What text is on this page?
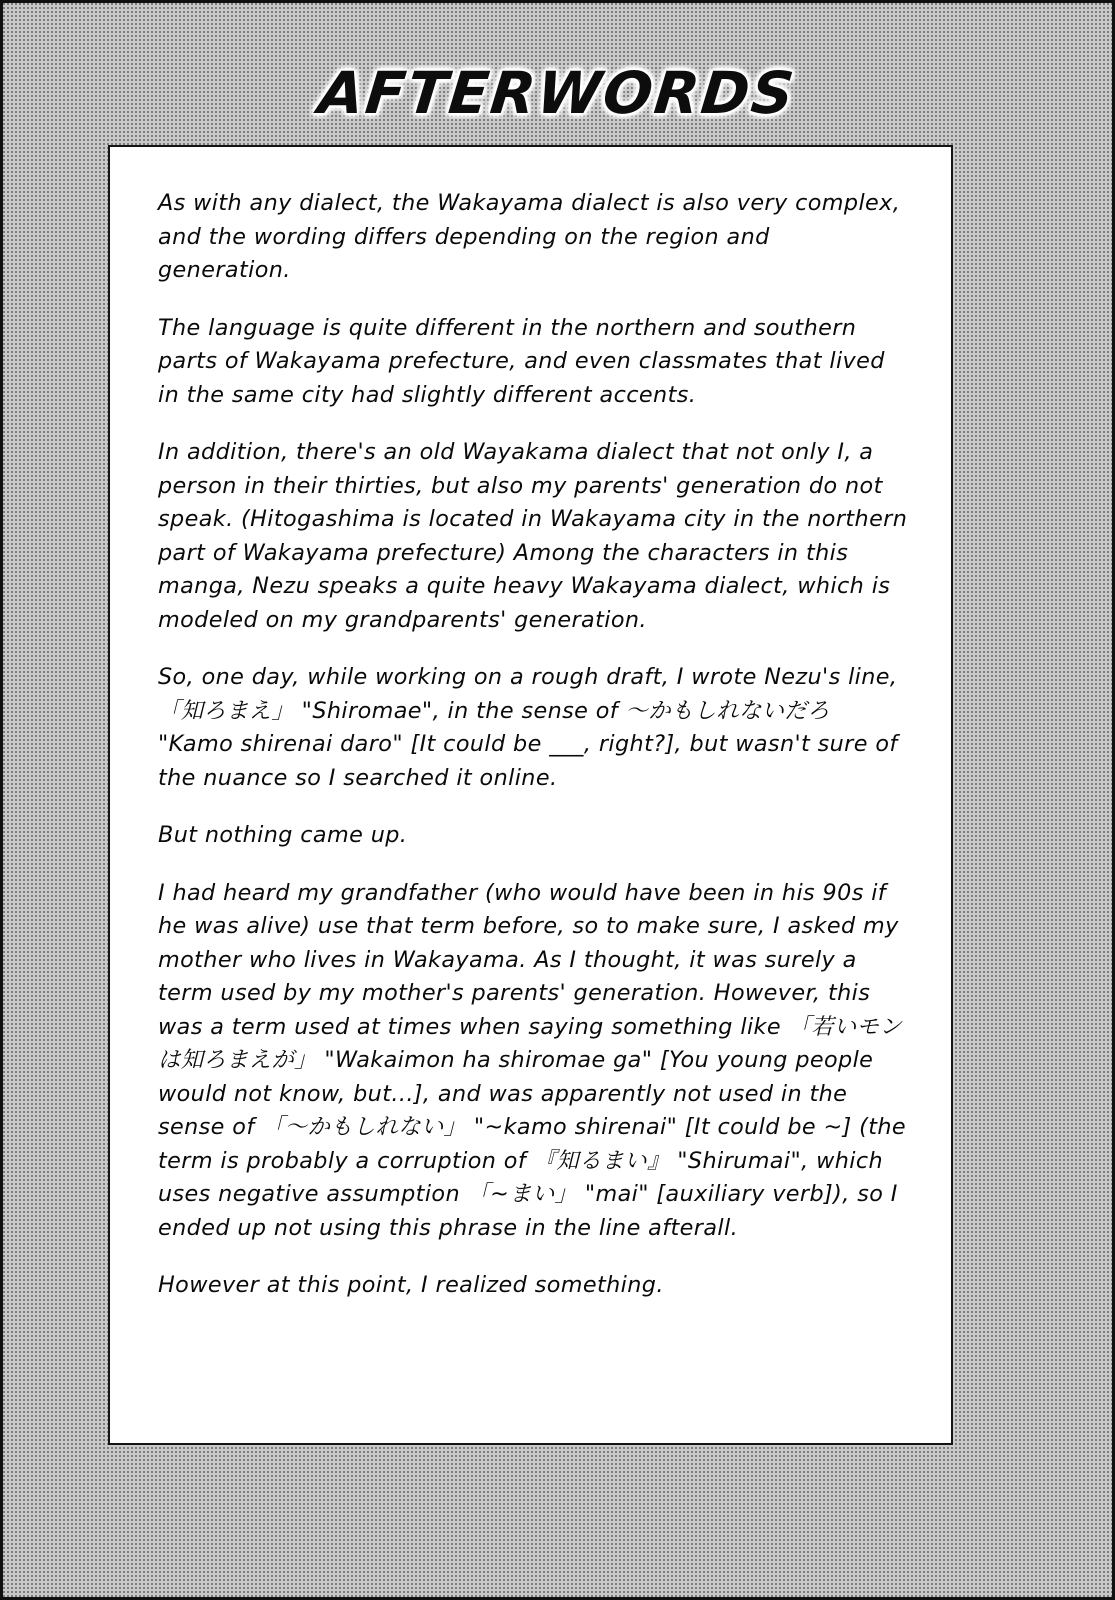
AFTERWORDS

As with any dialect, the Wakayama dialect is also very complex, and the wording differs depending on the region and generation.

The language is quite different in the northern and southern parts of Wakayama prefecture, and even classmates that lived in the same city had slightly different accents.

In addition, there's an old Wayakama dialect that not only I, a person in their thirties, but also my parents' generation do not speak. (Hitogashima is located in Wakayama city in the northern part of Wakayama prefecture) Among the characters in this manga, Nezu speaks a quite heavy Wakayama dialect, which is modeled on my grandparents' generation.

So, one day, while working on a rough draft, I wrote Nezu's line, 「知ろまえ」 "Shiromae", in the sense of 〜かもしれないだろ "Kamo shirenai daro" [It could be ___, right?], but wasn't sure of the nuance so I searched it online.

But nothing came up.

I had heard my grandfather (who would have been in his 90s if he was alive) use that term before, so to make sure, I asked my mother who lives in Wakayama. As I thought, it was surely a term used by my mother's parents' generation. However, this was a term used at times when saying something like 「若いモンは知ろまえが」 "Wakaimon ha shiromae ga" [You young people would not know, but...], and was apparently not used in the sense of 「〜かもしれない」 "~kamo shirenai" [It could be ~] (the term is probably a corruption of 『知るまい』 "Shirumai", which uses negative assumption 「~まい」 "mai" [auxiliary verb]), so I ended up not using this phrase in the line afterall.

However at this point, I realized something.
